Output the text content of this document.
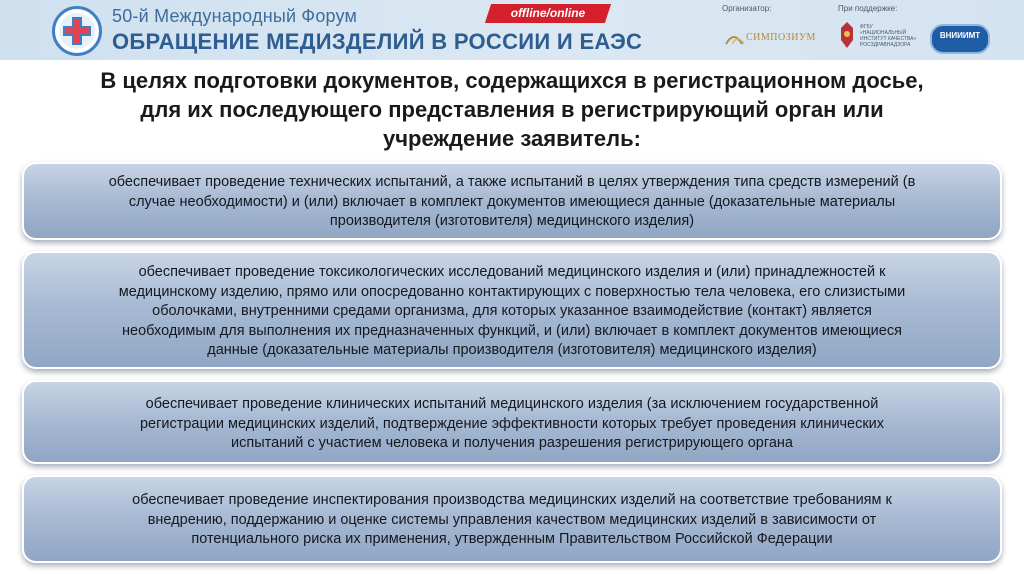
50-й Международный Форум
ОБРАЩЕНИЕ МЕДИЗДЕЛИЙ В РОССИИ И ЕАЭС
offline/online	Организатор:	При поддержке:
СИМПОЗИУМ
ФГБУ «НАЦИОНАЛЬНЫЙ ИНСТИТУТ КАЧЕСТВА» РОСЗДРАВНАДЗОРА
ВНИИИМТ
В целях подготовки документов, содержащихся в регистрационном досье,
для их последующего представления в регистрирующий орган или
учреждение заявитель:
обеспечивает проведение технических испытаний, а также испытаний в целях утверждения типа средств измерений (в
случае необходимости) и (или) включает в комплект документов имеющиеся данные (доказательные материалы
производителя (изготовителя) медицинского изделия)
обеспечивает проведение токсикологических исследований медицинского изделия и (или) принадлежностей к
медицинскому изделию, прямо или опосредованно контактирующих с поверхностью тела человека, его слизистыми
оболочками, внутренними средами организма, для которых указанное взаимодействие (контакт) является
необходимым для выполнения их предназначенных функций, и (или) включает в комплект документов имеющиеся
данные (доказательные материалы производителя (изготовителя) медицинского изделия)
обеспечивает проведение клинических испытаний медицинского изделия (за исключением государственной
регистрации медицинских изделий, подтверждение эффективности которых требует проведения клинических
испытаний с участием человека и получения разрешения регистрирующего органа
обеспечивает проведение инспектирования производства медицинских изделий на соответствие требованиям к
внедрению, поддержанию и оценке системы управления качеством медицинских изделий в зависимости от
потенциального риска их применения, утвержденным Правительством Российской Федерации
